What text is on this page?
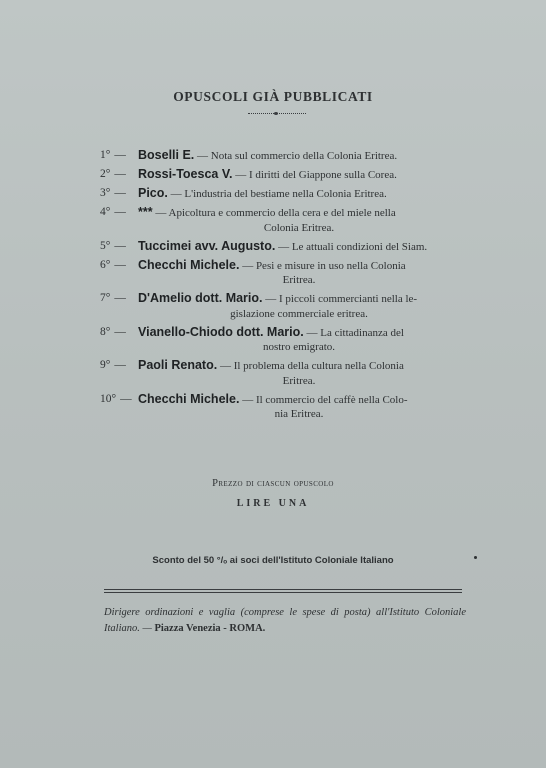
OPUSCOLI GIÀ PUBBLICATI
1° — Boselli E. — Nota sul commercio della Colonia Eritrea.
2° — Rossi-Toesca V. — I diritti del Giappone sulla Corea.
3° — Pico. — L'industria del bestiame nella Colonia Eritrea.
4° — *** — Apicoltura e commercio della cera e del miele nella
Colonia Eritrea.
5° — Tuccimei avv. Augusto. — Le attuali condizioni del Siam.
6° — Checchi Michele. — Pesi e misure in uso nella Colonia
Eritrea.
7° — D'Amelio dott. Mario. — I piccoli commercianti nella le-
gislazione commerciale eritrea.
8° — Vianello-Chiodo dott. Mario. — La cittadinanza del
nostro emigrato.
9° — Paoli Renato. — Il problema della cultura nella Colonia
Eritrea.
10° — Checchi Michele. — Il commercio del caffè nella Colo-
nia Eritrea.
Prezzo di ciascun opuscolo
LIRE UNA
Sconto del 50 °/ₒ ai soci dell'Istituto Coloniale Italiano
Dirigere ordinazioni e vaglia (comprese le spese di posta) all'Istituto Coloniale Italiano. — Piazza Venezia - ROMA.
